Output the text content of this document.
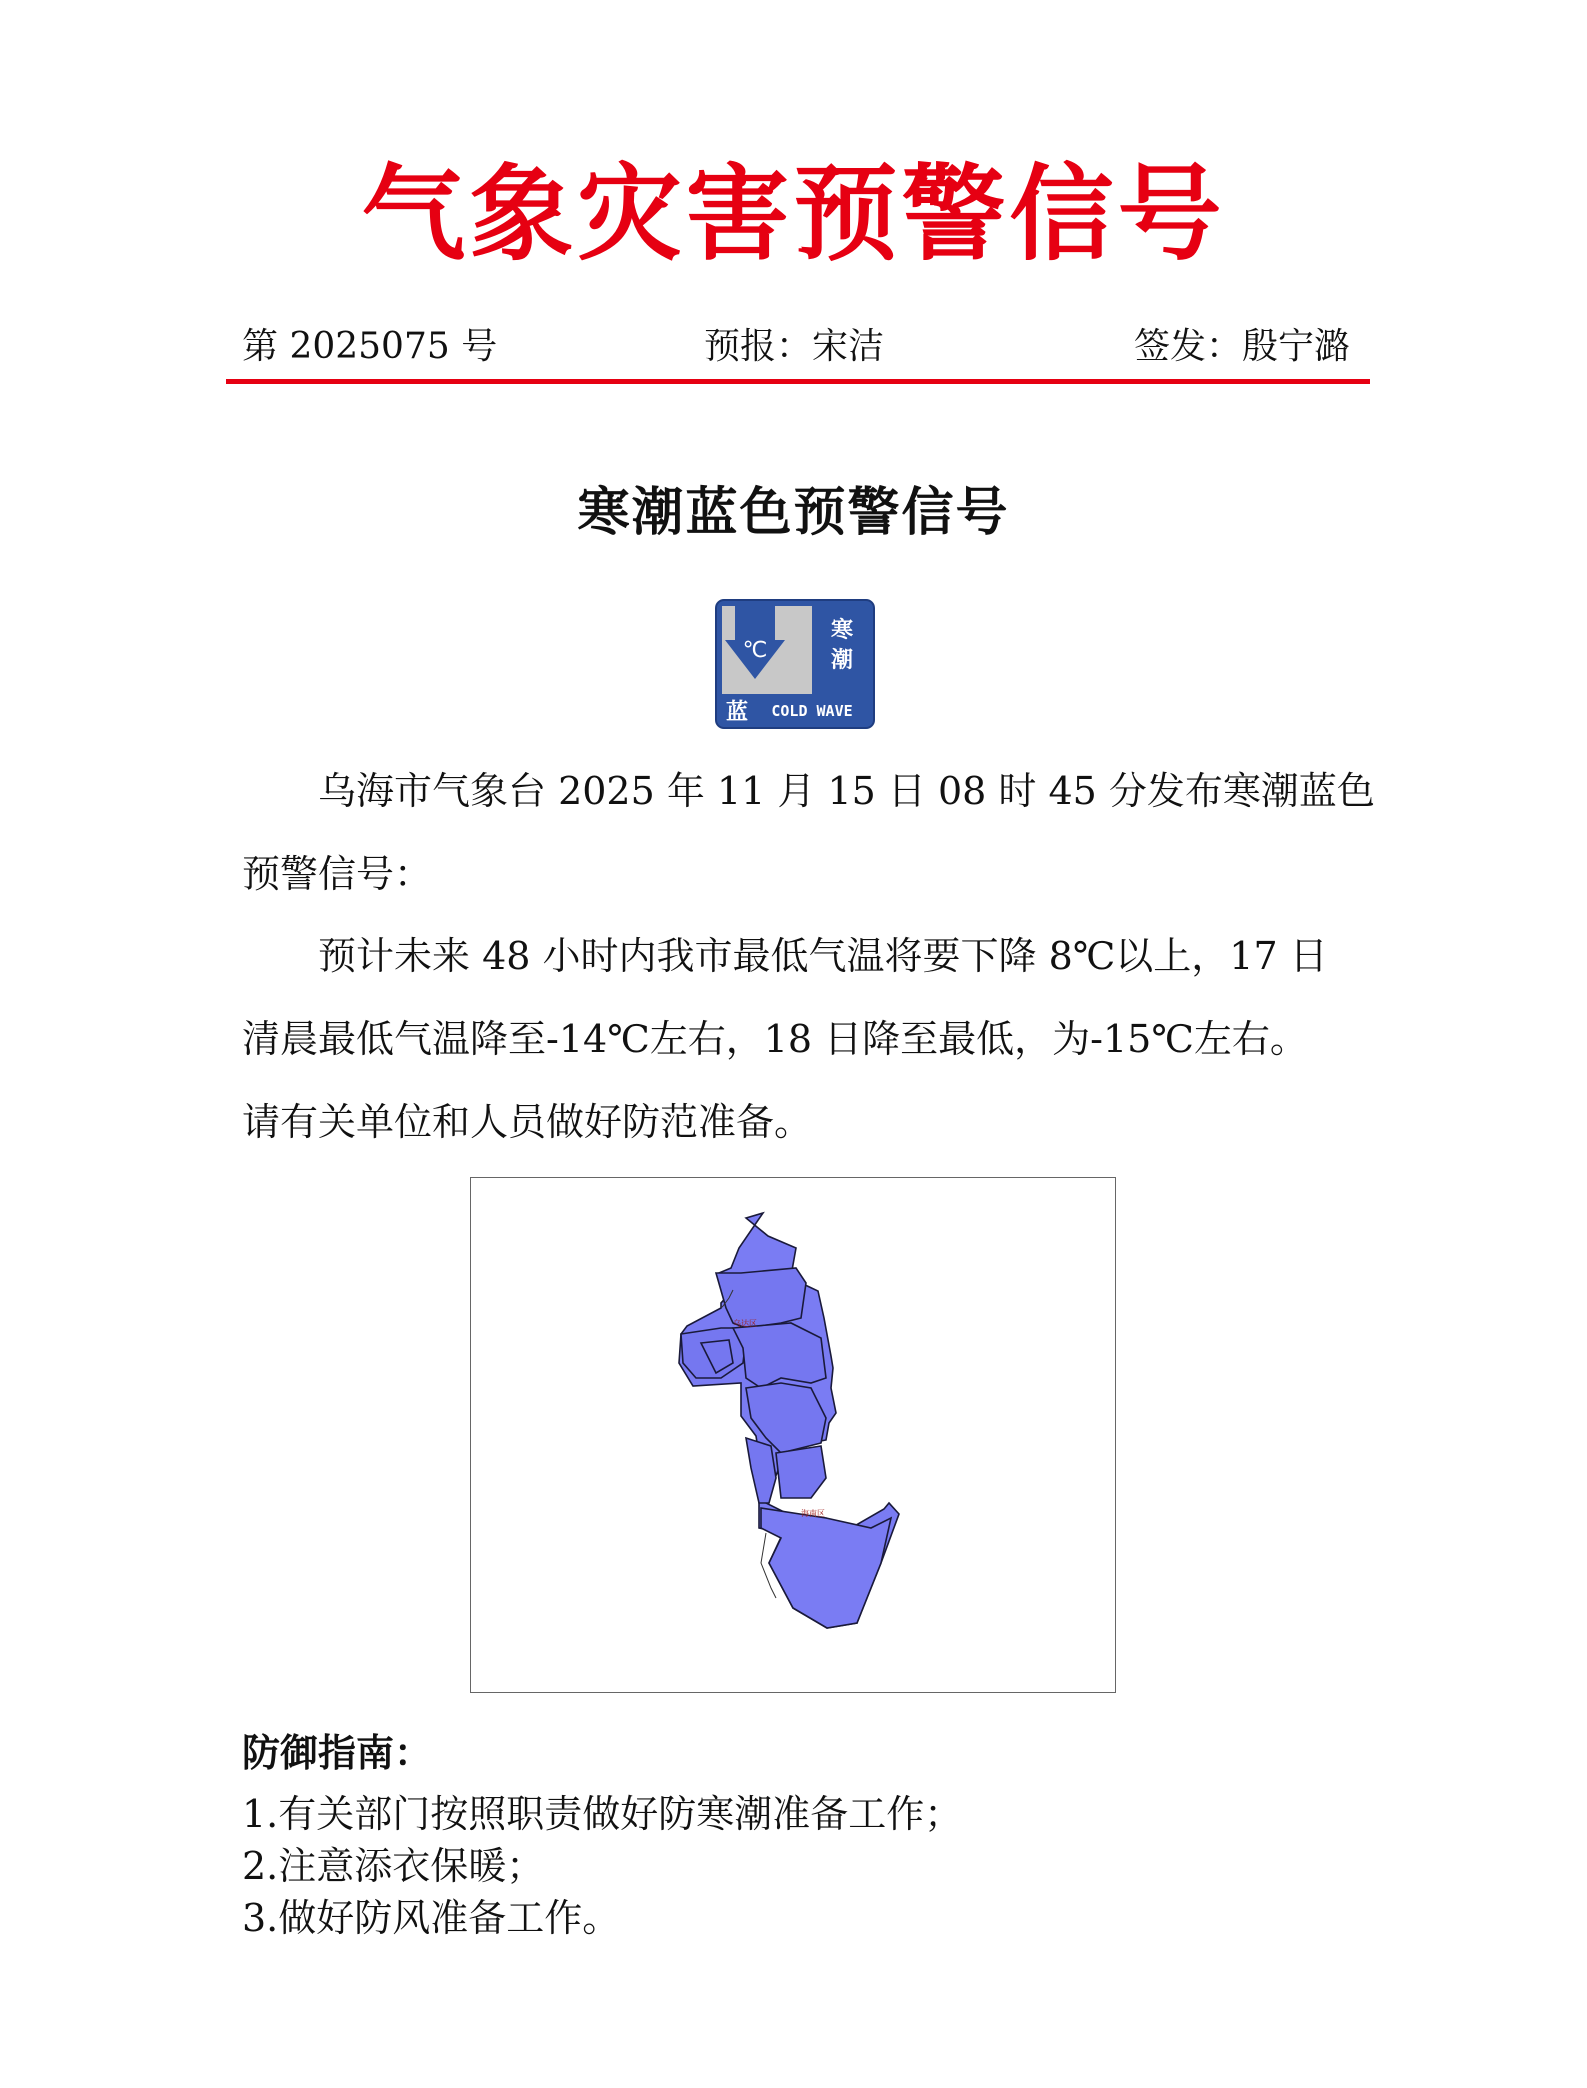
气象灾害预警信号
第 2025075 号	预报：宋洁	签发：殷宁潞
寒潮蓝色预警信号
℃
寒
潮
蓝 COLD WAVE
乌海市气象台 2025 年 11 月 15 日 08 时 45 分发布寒潮蓝色
预警信号：
预计未来 48 小时内我市最低气温将要下降 8℃以上，17 日
清晨最低气温降至-14℃左右，18 日降至最低，为-15℃左右。
请有关单位和人员做好防范准备。
乌达区
海南区
防御指南：
1.有关部门按照职责做好防寒潮准备工作；
2.注意添衣保暖；
3.做好防风准备工作。
